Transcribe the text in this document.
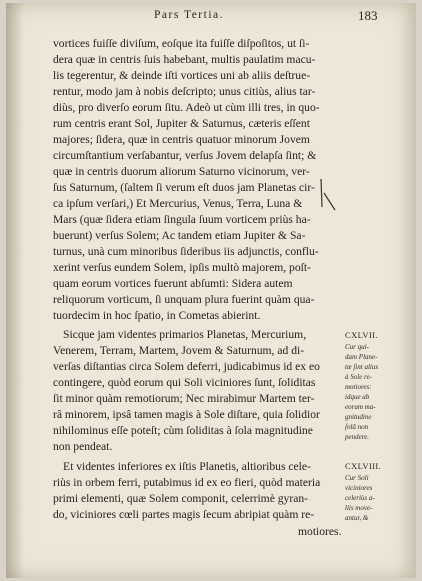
Pars Tertia.	183
vortices fuiſſe diviſum, eoſque ita fuiſſe diſpoſitos, ut ſi-
dera quæ in centris ſuis habebant, multis paulatim macu-
lis tegerentur, & deinde iſti vortices uni ab aliis deſtrue-
rentur, modo jam à nobis deſcripto; unus citiùs, alius tar-
diùs, pro diverſo eorum ſitu. Adeò ut cùm illi tres, in quo-
rum centris erant Sol, Jupiter & Saturnus, cæteris eſſent
majores; ſidera, quæ in centris quatuor minorum Jovem
circumſtantium verſabantur, verſus Jovem delapſa ſint; &
quæ in centris duorum aliorum Saturno vicinorum, ver-
ſus Saturnum, (ſaltem ſi verum eſt duos jam Planetas cir-
ca ipſum verſari,) Et Mercurius, Venus, Terra, Luna &
Mars (quæ ſidera etiam ſingula ſuum vorticem priùs ha-
buerunt) verſus Solem; Ac tandem etiam Jupiter & Sa-
turnus, unà cum minoribus ſideribus iis adjunctis, conflu-
xerint verſus eundem Solem, ipſis multò majorem, poſt-
quam eorum vortices fuerunt abſumti: Sidera autem
reliquorum vorticum, ſi unquam plura fuerint quàm qua-
tuordecim in hoc ſpatio, in Cometas abierint.
Sicque jam videntes primarios Planetas, Mercurium,
Venerem, Terram, Martem, Jovem & Saturnum, ad di-
verſas diſtantias circa Solem deferri, judicabimus id ex eo
contingere, quòd eorum qui Soli viciniores ſunt, ſoliditas
ſit minor quàm remotiorum; Nec mirabimur Martem ter-
râ minorem, ipsâ tamen magis à Sole diſtare, quia ſolidior
nihilominus eſſe poteſt; cùm ſoliditas à ſola magnitudine
non pendeat.
Et videntes inferiores ex iſtis Planetis, altioribus cele-
riùs in orbem ferri, putabimus id ex eo fieri, quòd materia
primi elementi, quæ Solem componit, celerrimè gyran-
do, viciniores cœli partes magis ſecum abripiat quàm re-
motiores.
CXLVII.
Cur qui-
dam Plane-
tæ ſint alius
à Sole re-
motiores:
idque ab
eorum ma-
gnitudine
ſolâ non
pendere.
CXLVIII.
Cur Soli
viciniores
celeriùs a-
liis move-
antur, &
